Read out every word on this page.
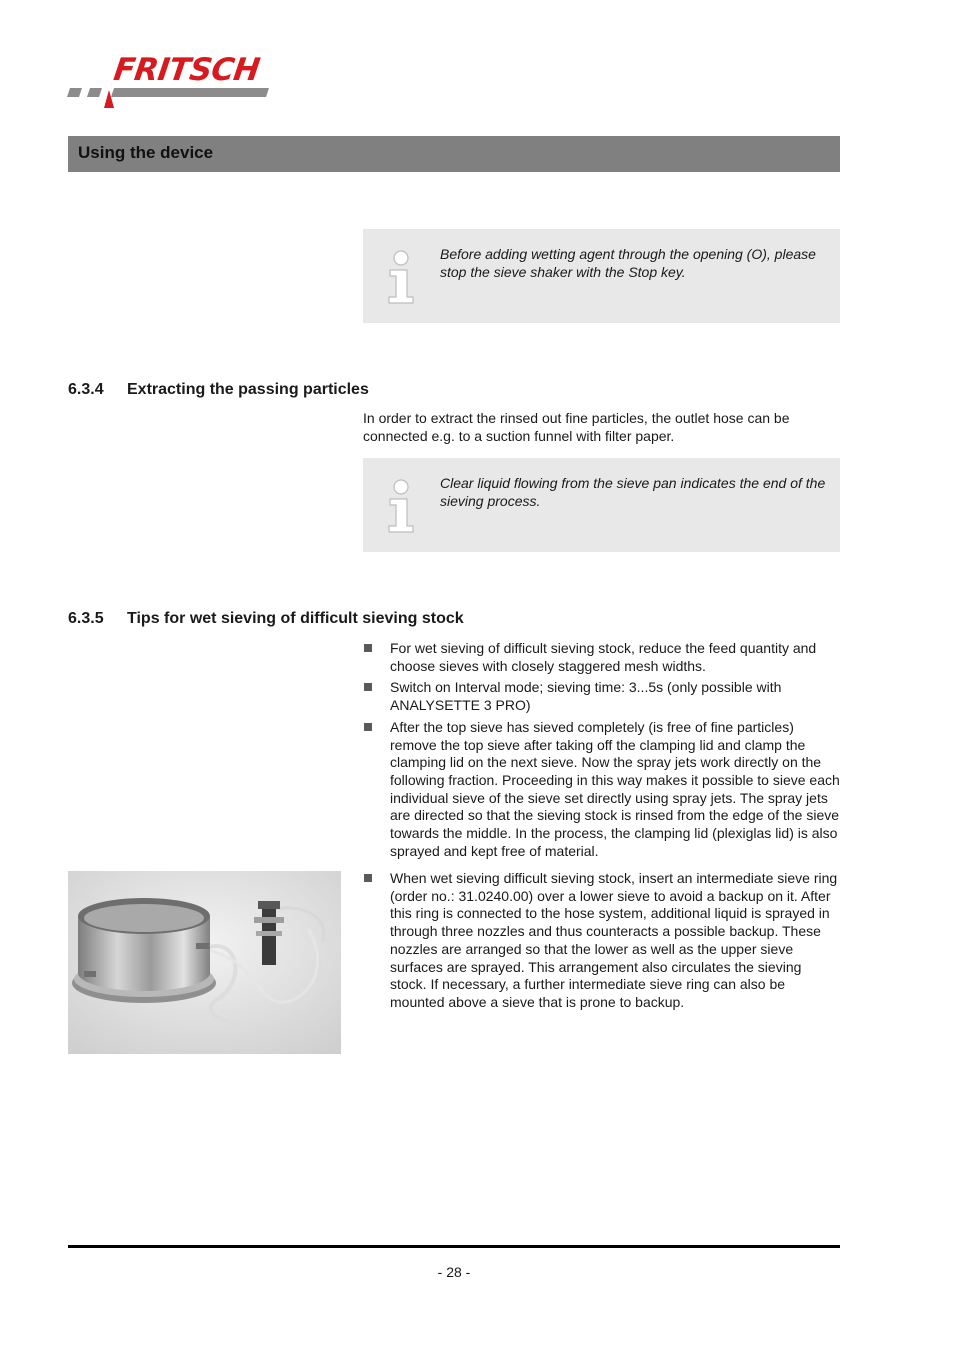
FRITSCH
Using the device
Before adding wetting agent through the opening (O), please stop the sieve shaker with the Stop key.
6.3.4 Extracting the passing particles
In order to extract the rinsed out fine particles, the outlet hose can be connected e.g. to a suction funnel with filter paper.
Clear liquid flowing from the sieve pan indicates the end of the sieving process.
6.3.5 Tips for wet sieving of difficult sieving stock
For wet sieving of difficult sieving stock, reduce the feed quantity and choose sieves with closely staggered mesh widths.
Switch on Interval mode; sieving time: 3...5s (only possible with ANALYSETTE 3 PRO)
After the top sieve has sieved completely (is free of fine particles) remove the top sieve after taking off the clamping lid and clamp the clamping lid on the next sieve. Now the spray jets work directly on the following fraction. Proceeding in this way makes it possible to sieve each individual sieve of the sieve set directly using spray jets. The spray jets are directed so that the sieving stock is rinsed from the edge of the sieve towards the middle. In the process, the clamping lid (plexiglas lid) is also sprayed and kept free of material.
When wet sieving difficult sieving stock, insert an intermediate sieve ring (order no.: 31.0240.00) over a lower sieve to avoid a backup on it. After this ring is connected to the hose system, additional liquid is sprayed in through three nozzles and thus counteracts a possible backup. These nozzles are arranged so that the lower as well as the upper sieve surfaces are sprayed. This arrangement also circulates the sieving stock. If necessary, a further intermediate sieve ring can also be mounted above a sieve that is prone to backup.
- 28 -
